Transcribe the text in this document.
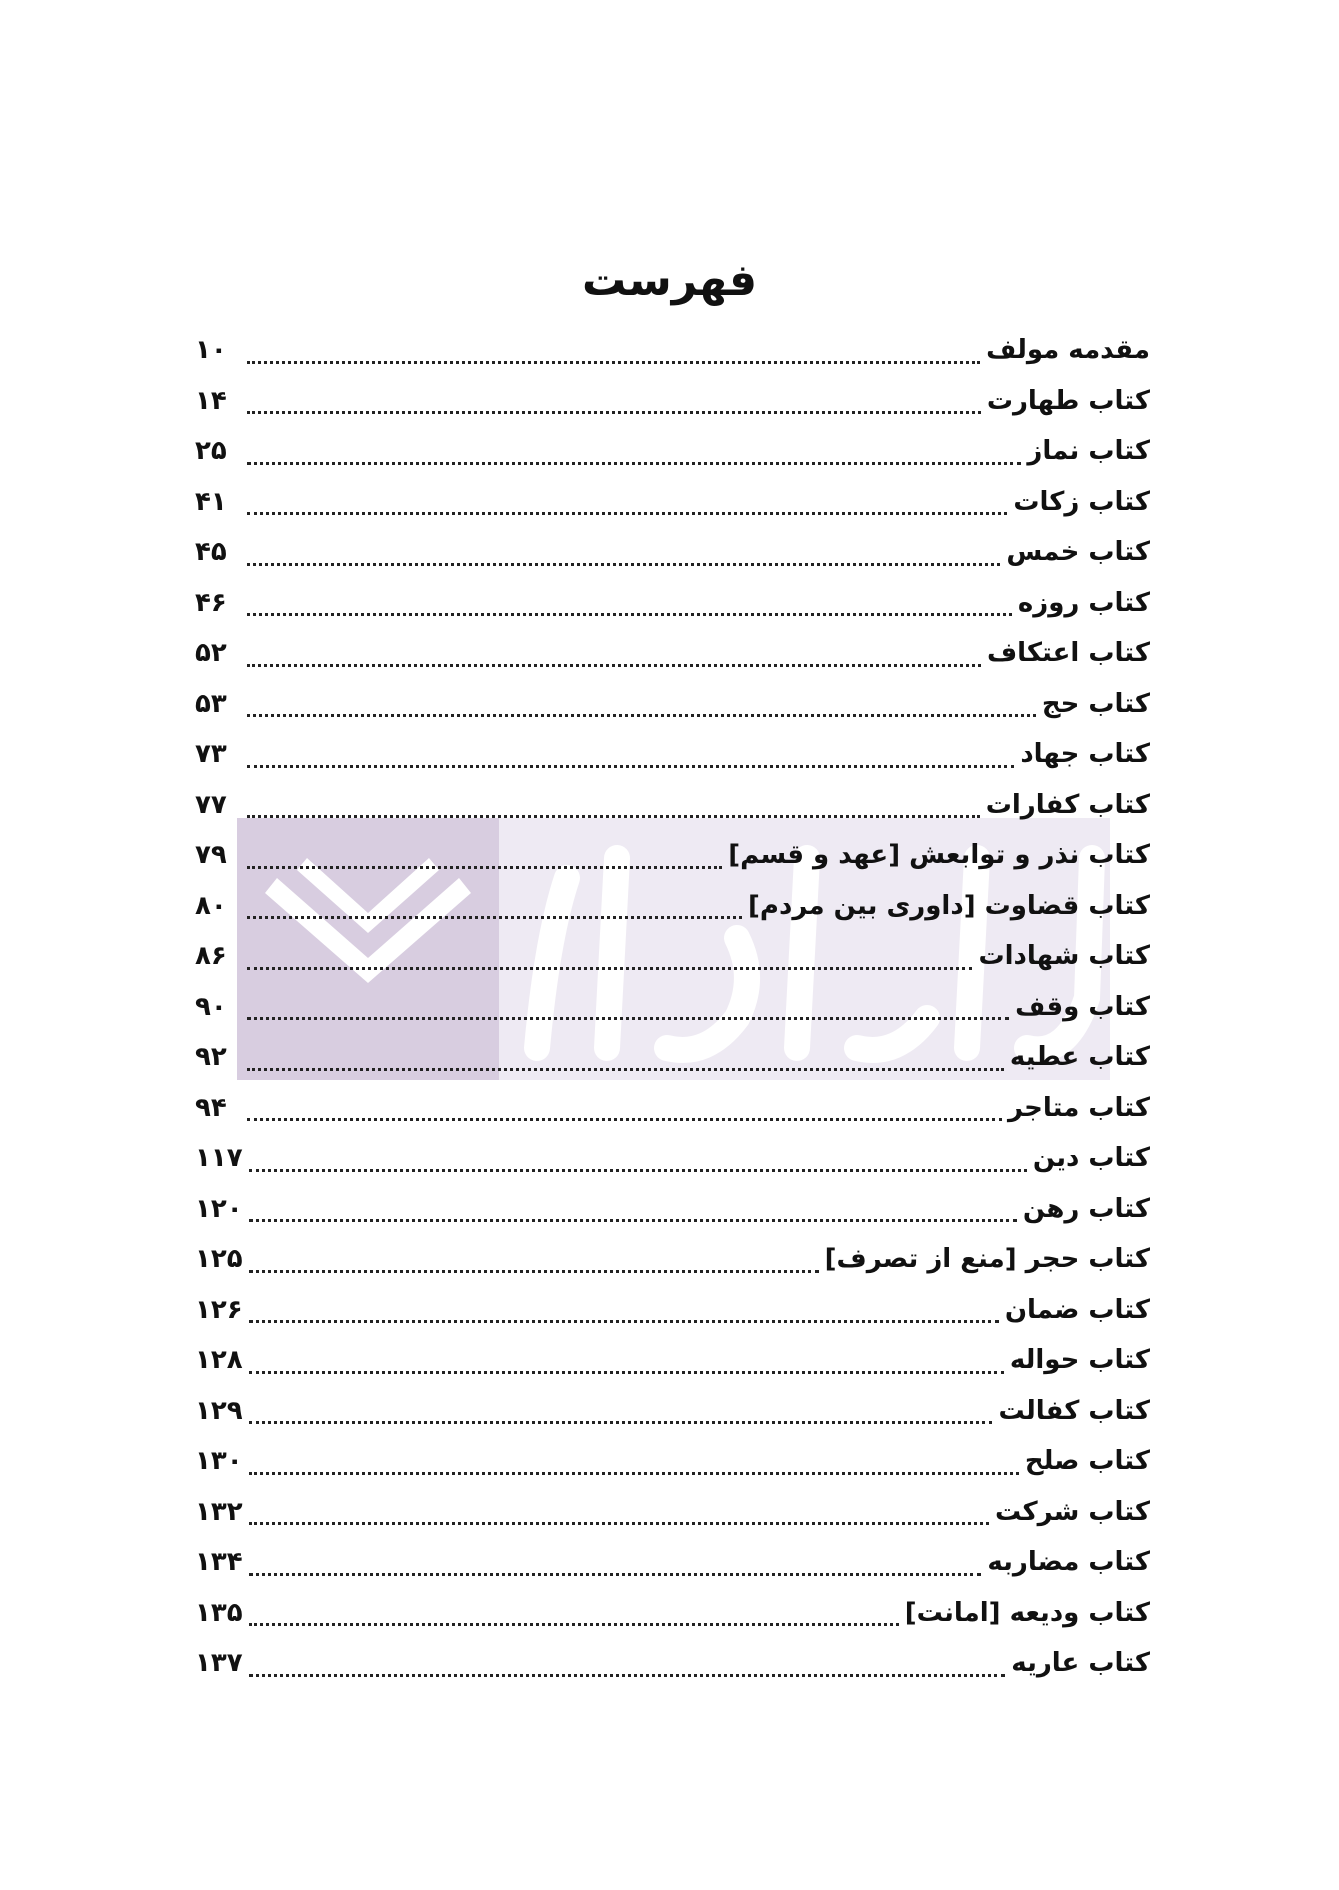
فهرست
مقدمه مولف
۱۰
کتاب طهارت
۱۴
کتاب نماز
۲۵
کتاب زکات
۴۱
کتاب خمس
۴۵
کتاب روزه
۴۶
کتاب اعتکاف
۵۲
کتاب حج
۵۳
کتاب جهاد
۷۳
کتاب کفارات
۷۷
کتاب نذر و توابعش [عهد و قسم]
۷۹
کتاب قضاوت [داوری بین مردم]
۸۰
کتاب شهادات
۸۶
کتاب وقف
۹۰
کتاب عطیه
۹۲
کتاب متاجر
۹۴
کتاب دین
۱۱۷
کتاب رهن
۱۲۰
کتاب حجر [منع از تصرف]
۱۲۵
کتاب ضمان
۱۲۶
کتاب حواله
۱۲۸
کتاب کفالت
۱۲۹
کتاب صلح
۱۳۰
کتاب شرکت
۱۳۲
کتاب مضاربه
۱۳۴
کتاب ودیعه [امانت]
۱۳۵
کتاب عاریه
۱۳۷
